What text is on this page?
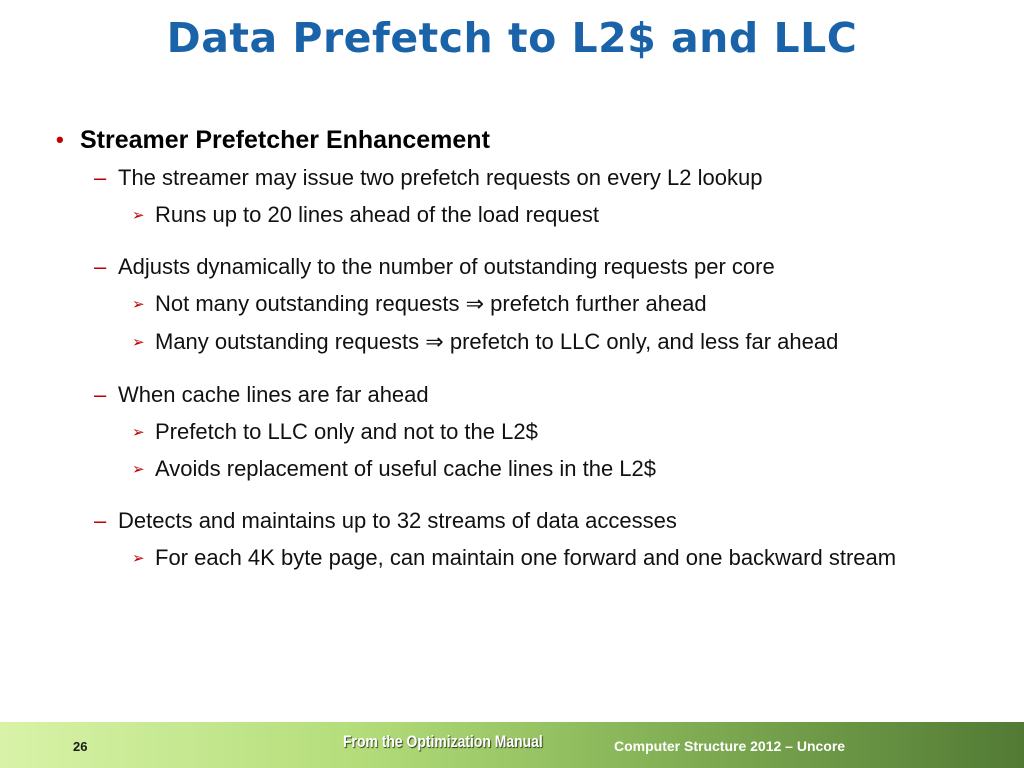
Data Prefetch to L2$ and LLC
• Streamer Prefetcher Enhancement
– The streamer may issue two prefetch requests on every L2 lookup
➢ Runs up to 20 lines ahead of the load request
– Adjusts dynamically to the number of outstanding requests per core
➢ Not many outstanding requests ⇒ prefetch further ahead
➢ Many outstanding requests ⇒ prefetch to LLC only, and less far ahead
– When cache lines are far ahead
➢ Prefetch to LLC only and not to the L2$
➢ Avoids replacement of useful cache lines in the L2$
– Detects and maintains up to 32 streams of data accesses
➢ For each 4K byte page, can maintain one forward and one backward stream
26	From the Optimization Manual	Computer Structure 2012 – Uncore
